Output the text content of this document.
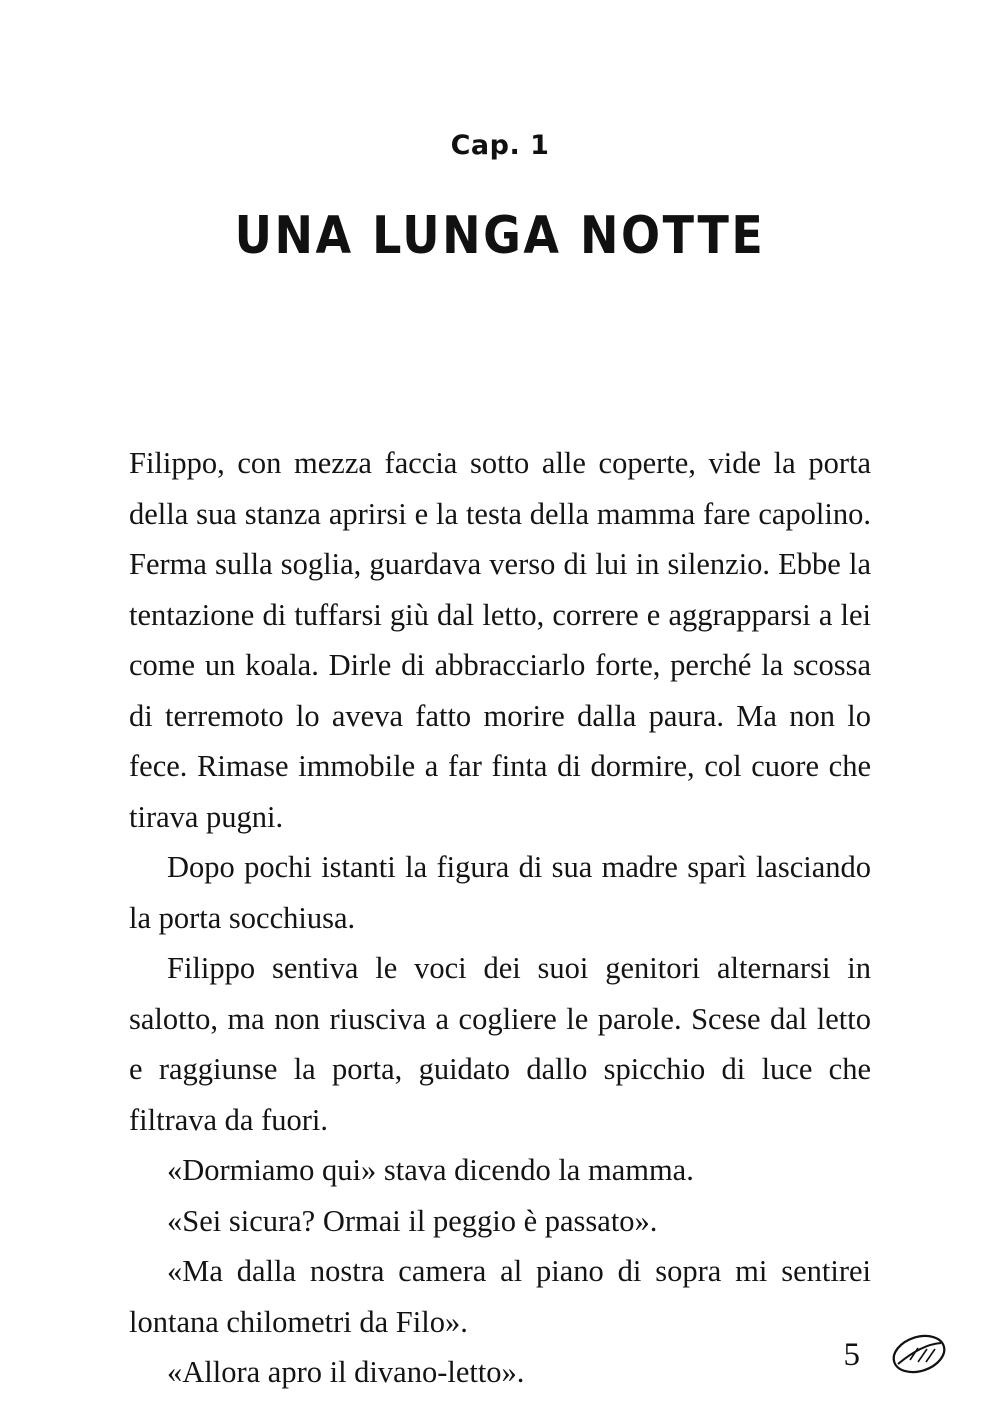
Cap. 1
UNA LUNGA NOTTE

Filippo, con mezza faccia sotto alle coperte, vide la porta della sua stanza aprirsi e la testa della mamma fare capolino. Ferma sulla soglia, guardava verso di lui in silenzio. Ebbe la tentazione di tuffarsi giù dal letto, correre e aggrapparsi a lei come un koala. Dirle di abbracciarlo forte, perché la scossa di terremoto lo aveva fatto morire dalla paura. Ma non lo fece. Rimase immobile a far finta di dormire, col cuore che tirava pugni.

Dopo pochi istanti la figura di sua madre sparì lasciando la porta socchiusa.

Filippo sentiva le voci dei suoi genitori alternarsi in salotto, ma non riusciva a cogliere le parole. Scese dal letto e raggiunse la porta, guidato dallo spicchio di luce che filtrava da fuori.

«Dormiamo qui» stava dicendo la mamma.

«Sei sicura? Ormai il peggio è passato».

«Ma dalla nostra camera al piano di sopra mi sentirei lontana chilometri da Filo».

«Allora apro il divano-letto».	5
